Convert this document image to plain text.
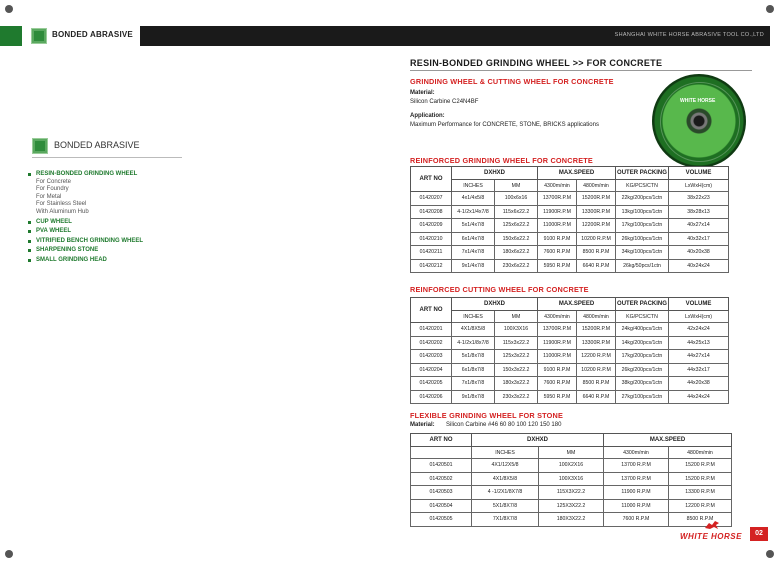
BONDED ABRASIVE	SHANGHAI WHITE HORSE ABRASIVE TOOL CO.,LTD
BONDED ABRASIVE
RESIN-BONDED GRINDING WHEEL
For Concrete
For Foundry
For Metal
For Stainless Steel
With Aluminum Hub
CUP WHEEL
PVA WHEEL
VITRIFIED BENCH GRINDING WHEEL
SHARPENING STONE
SMALL GRINDING HEAD
RESIN-BONDED GRINDING WHEEL >> FOR CONCRETE
GRINDING WHEEL & CUTTING WHEEL FOR CONCRETE
Material:
Silicon Carbine C24N4BF
Application:
Maximum Performance for CONCRETE, STONE, BRICKS applications
WHITE HORSE
REINFORCED GRINDING WHEEL FOR CONCRETE
ART NO	DXHXD		MAX.SPEED		OUTER PACKING	VOLUME
	INCHES	MM	4300m/min	4800m/min	KG/PCS/CTN	LxWxH(cm)
01420207	4x1/4x5/8	100x6x16	13700R.P.M	15200R.P.M	22kg/200pcs/1ctn	38x22x23
01420208	4-1/2x1/4x7/8	115x6x22.2	11900R.P.M	13300R.P.M	13kg/100pcs/1ctn	38x28x13
01420209	5x1/4x7/8	125x6x22.2	11000R.P.M	12200R.P.M	17kg/100pcs/1ctn	40x27x14
01420210	6x1/4x7/8	150x6x22.2	9100 R.P.M	10200 R.P.M	26kg/100pcs/1ctn	40x32x17
01420211	7x1/4x7/8	180x6x22.2	7600 R.P.M	8500 R.P.M	34kg/100pcs/1ctn	40x20x38
01420212	9x1/4x7/8	230x6x22.2	5950 R.P.M	6640 R.P.M	26kg/50pcs/1ctn	40x24x24
REINFORCED CUTTING WHEEL FOR CONCRETE
ART NO	DXHXD		MAX.SPEED		OUTER PACKING	VOLUME
	INCHES	MM	4300m/min	4800m/min	KG/PCS/CTN	LxWxH(cm)
01420201	4X1/8X5/8	100X3X16	13700R.P.M	15200R.P.M	24kg/400pcs/1ctn	42x24x24
01420202	4-1/2x1/8x7/8	115x3x22.2	11900R.P.M	13300R.P.M	14kg/200pcs/1ctn	44x25x13
01420203	5x1/8x7/8	125x3x22.2	11000R.P.M	12200 R.P.M	17kg/200pcs/1ctn	44x27x14
01420204	6x1/8x7/8	150x3x22.2	9100 R.P.M	10200 R.P.M	26kg/200pcs/1ctn	44x32x17
01420205	7x1/8x7/8	180x3x22.2	7600 R.P.M	8500 R.P.M	38kg/200pcs/1ctn	44x20x38
01420206	9x1/8x7/8	230x3x22.2	5950 R.P.M	6640 R.P.M	27kg/100pcs/1ctn	44x24x24
FLEXIBLE GRINDING WHEEL FOR STONE
Material: Silicon Carbine #46 60 80 100 120 150 180
ART NO	DXHXD		MAX.SPEED	
	INCHES	MM	4300m/min	4800m/min
01420501	4X1/12X5/8	100X2X16	13700 R.P.M	15200 R.P.M
01420502	4X1/8X5/8	100X3X16	13700 R.P.M	15200 R.P.M
01420503	4 -1/2X1/8X7/8	115X3X22.2	11900 R.P.M	13300 R.P.M
01420504	5X1/8X7/8	125X3X22.2	11000 R.P.M	12200 R.P.M
01420505	7X1/8X7/8	180X3X22.2	7600 R.P.M	8500 R.P.M
WHITE HORSE	02
